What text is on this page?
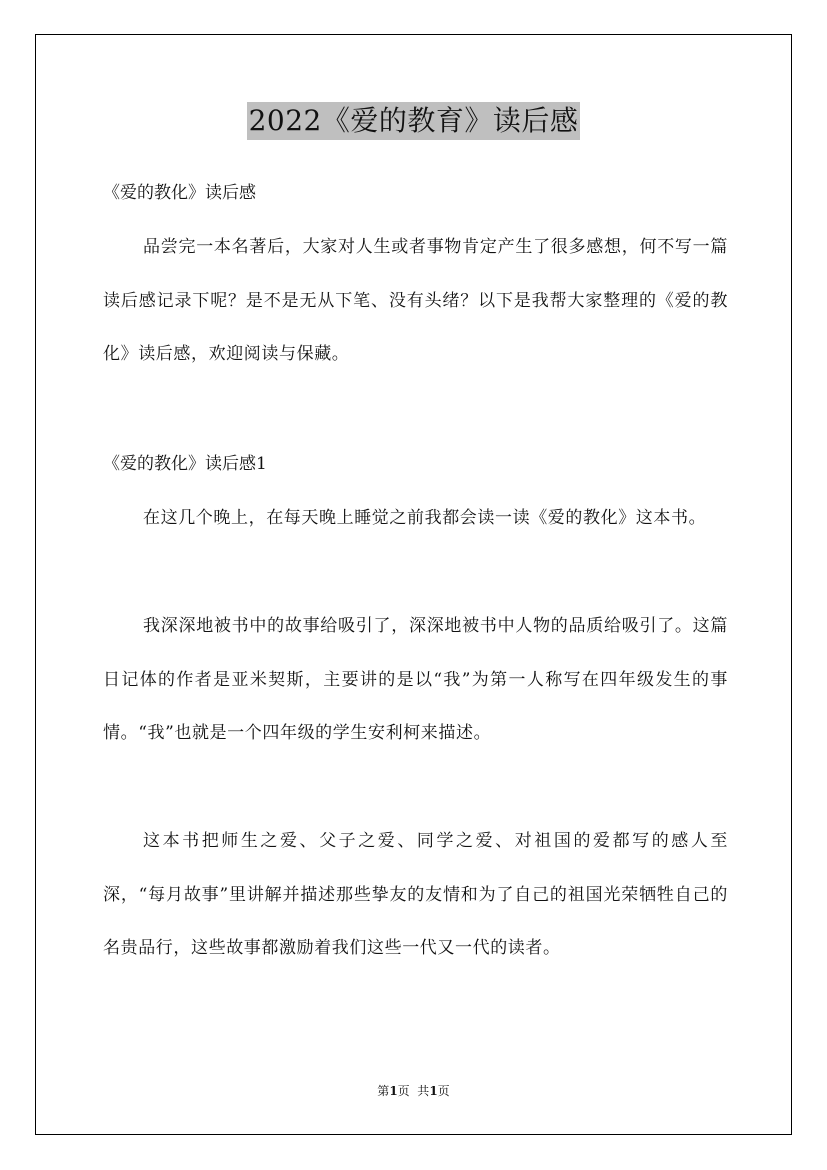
2022《爱的教育》读后感
《爱的教化》读后感

品尝完一本名著后，大家对人生或者事物肯定产生了很多感想，何不写一篇读后感记录下呢？是不是无从下笔、没有头绪？以下是我帮大家整理的《爱的教化》读后感，欢迎阅读与保藏。

《爱的教化》读后感1

在这几个晚上，在每天晚上睡觉之前我都会读一读《爱的教化》这本书。

我深深地被书中的故事给吸引了，深深地被书中人物的品质给吸引了。这篇日记体的作者是亚米契斯，主要讲的是以“我”为第一人称写在四年级发生的事情。“我”也就是一个四年级的学生安利柯来描述。

这本书把师生之爱、父子之爱、同学之爱、对祖国的爱都写的感人至深，“每月故事”里讲解并描述那些挚友的友情和为了自己的祖国光荣牺牲自己的名贵品行，这些故事都激励着我们这些一代又一代的读者。

第1页  共1页
